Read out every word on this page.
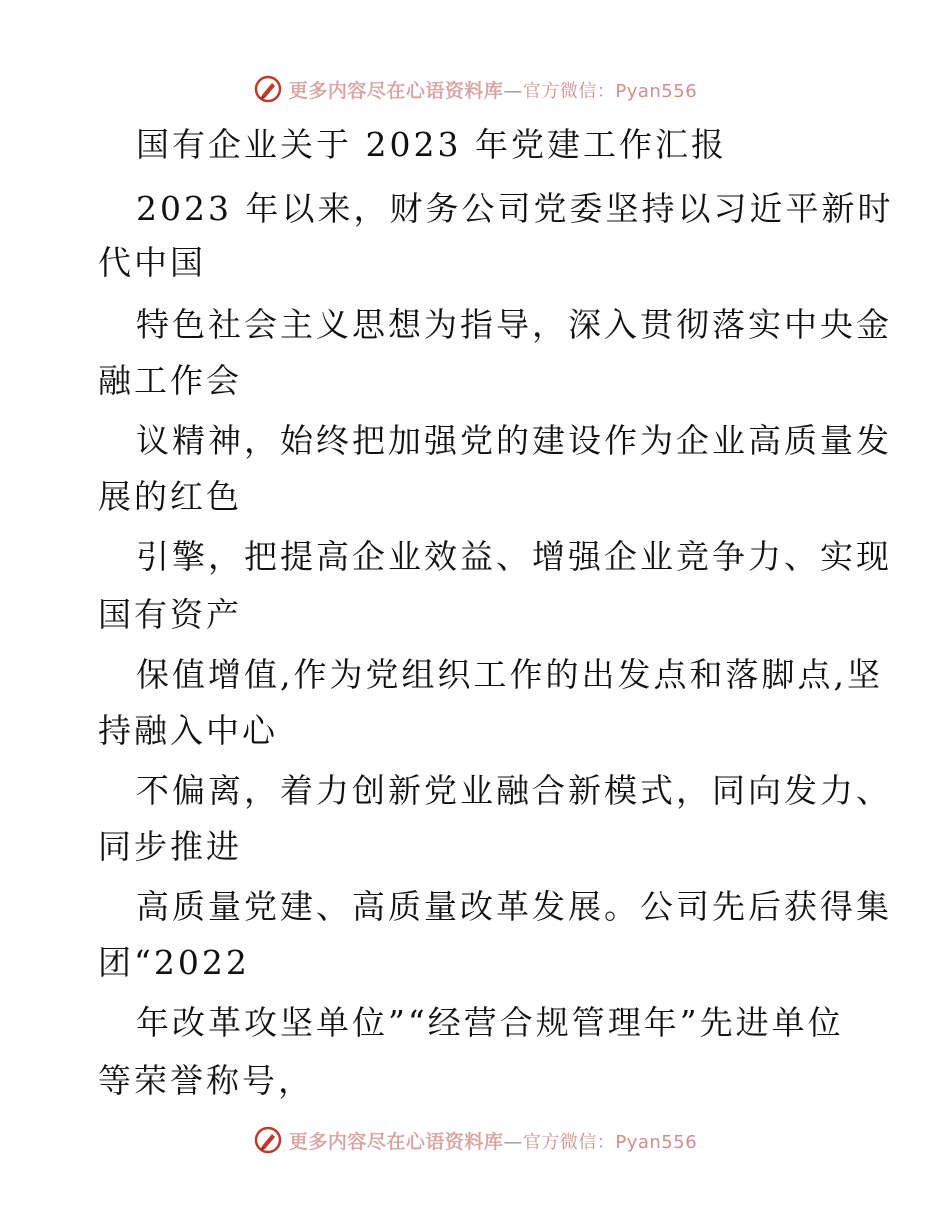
更多内容尽在心语资料库—官方微信：Pyan556
国有企业关于 2023 年党建工作汇报
2023 年以来，财务公司党委坚持以习近平新时
代中国
特色社会主义思想为指导，深入贯彻落实中央金
融工作会
议精神，始终把加强党的建设作为企业高质量发
展的红色
引擎，把提高企业效益、增强企业竞争力、实现
国有资产
保值增值,作为党组织工作的出发点和落脚点,坚
持融入中心
不偏离，着力创新党业融合新模式，同向发力、
同步推进
高质量党建、高质量改革发展。公司先后获得集
团“2022
年改革攻坚单位”“经营合规管理年”先进单位
等荣誉称号，
更多内容尽在心语资料库—官方微信：Pyan556
